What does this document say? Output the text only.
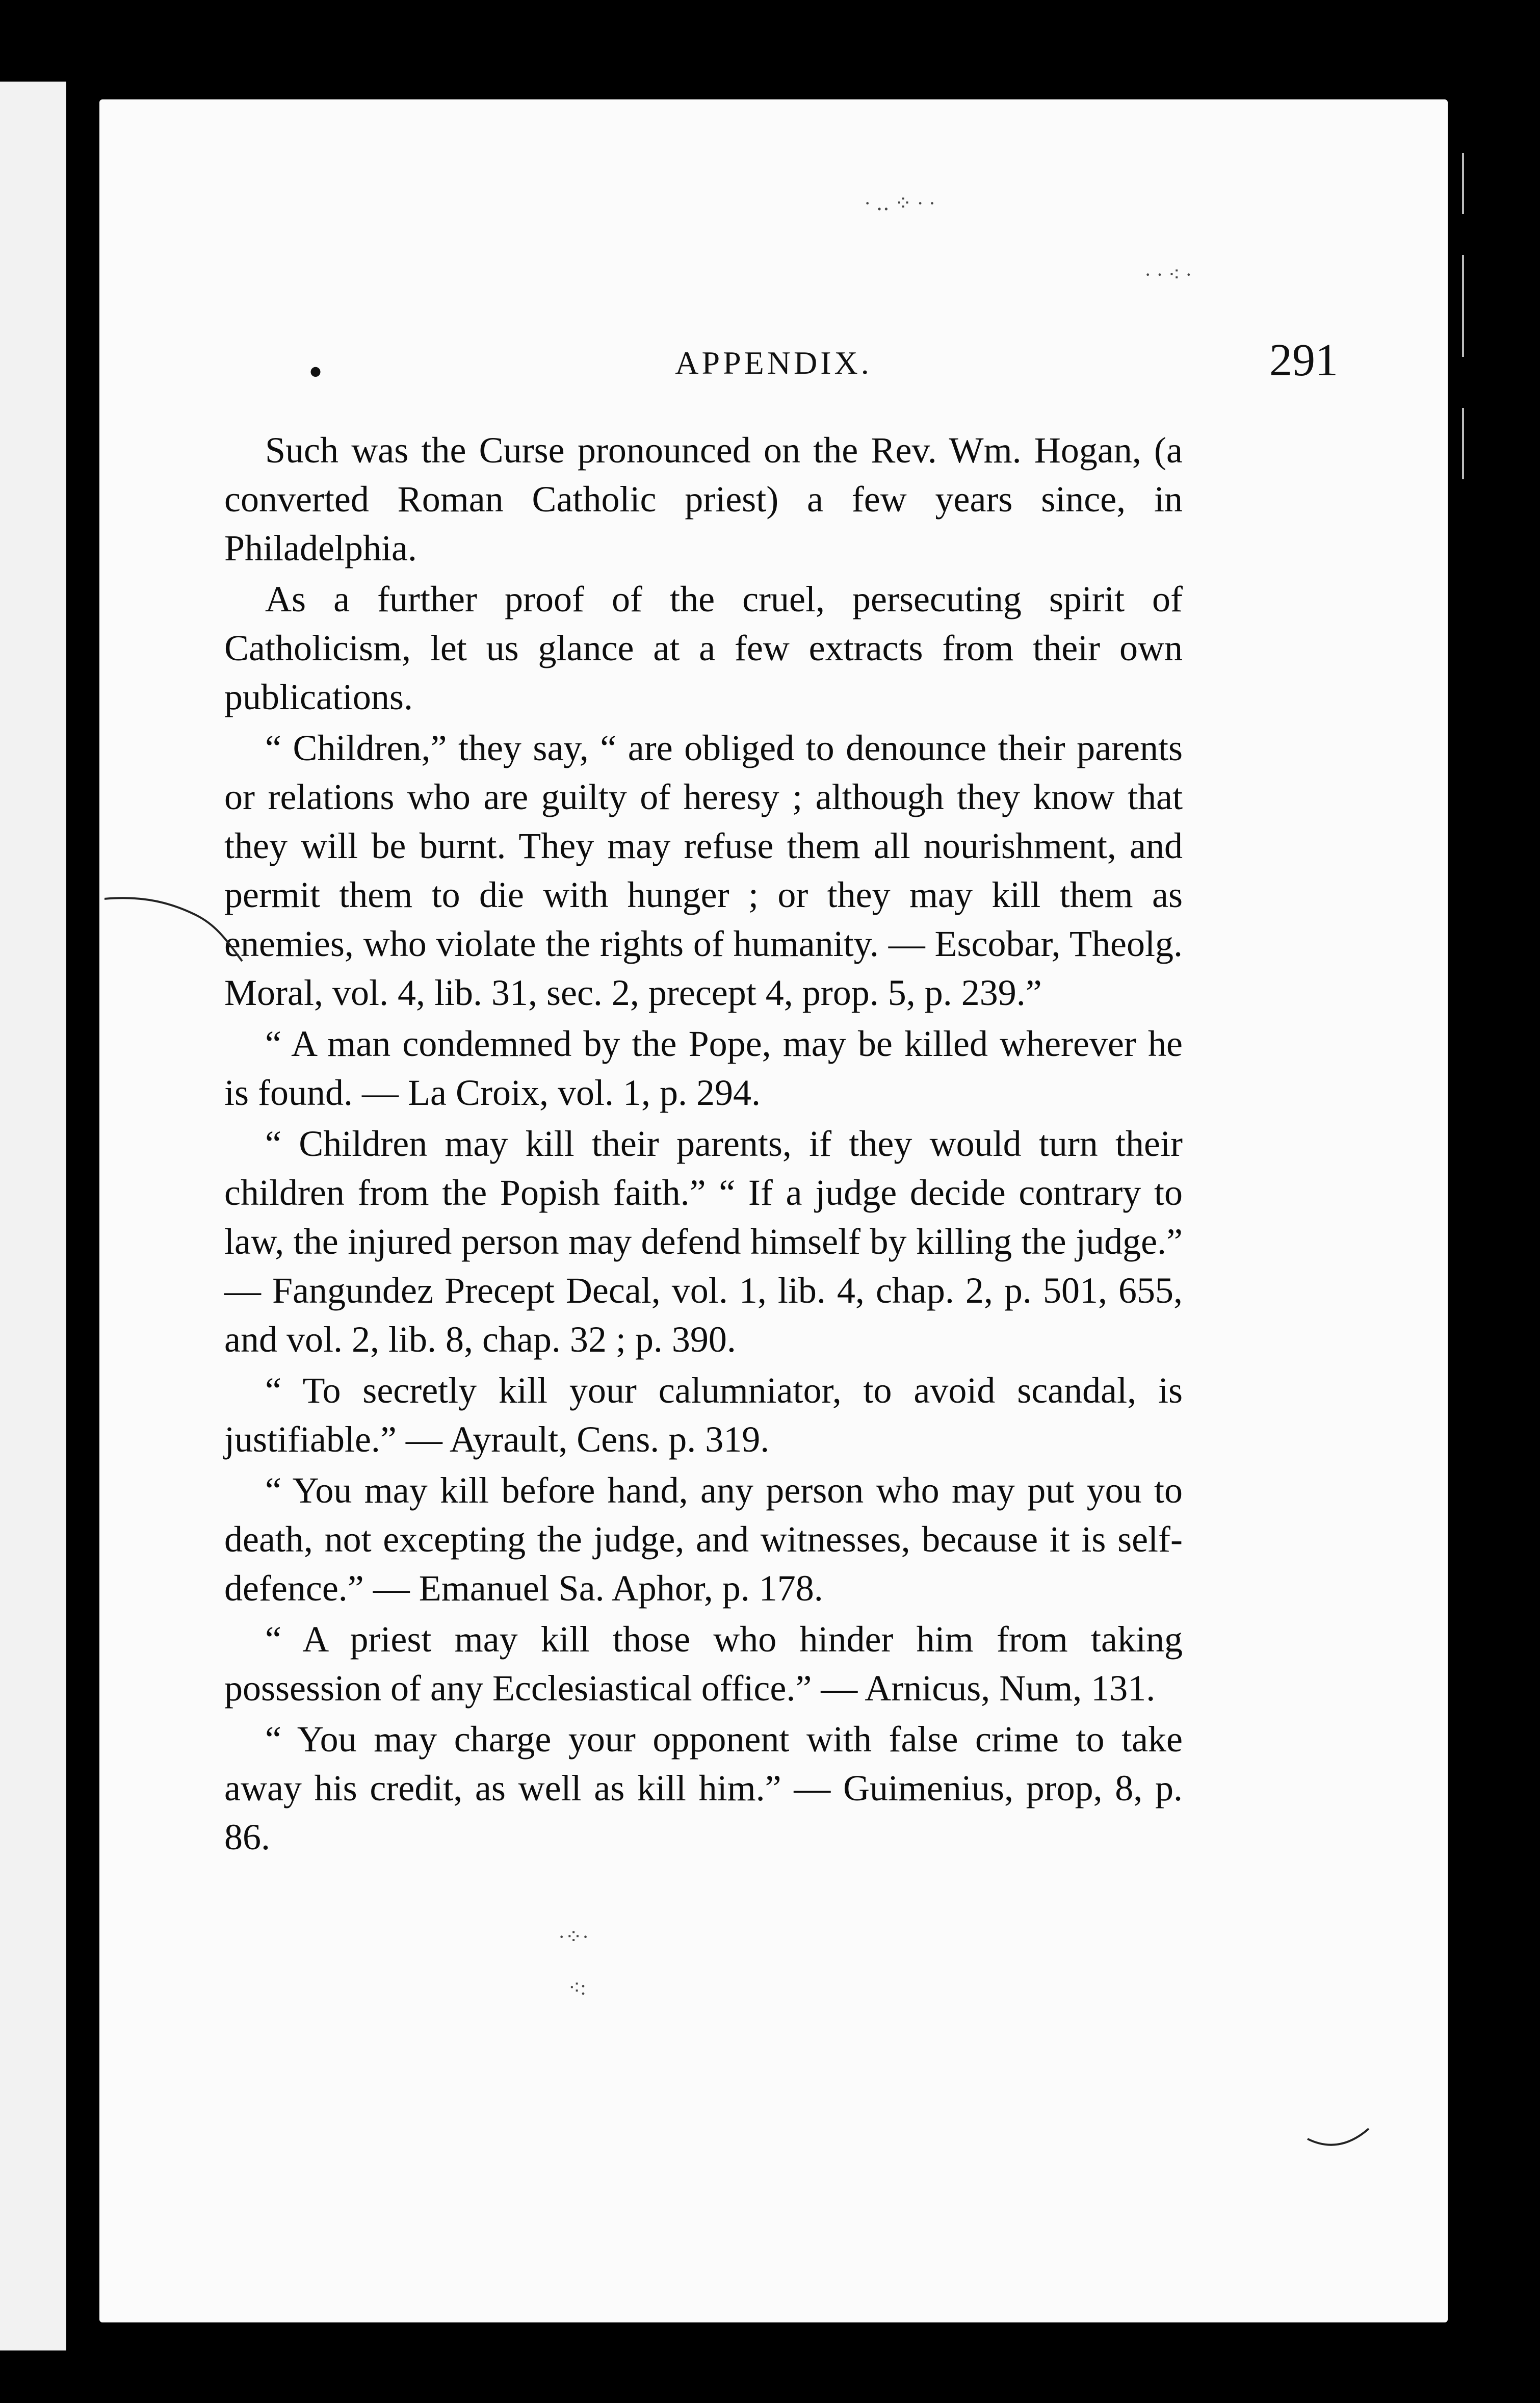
•	APPENDIX.	291

Such was the Curse pronounced on the Rev. Wm. Hogan, (a converted Roman Catholic priest) a few years since, in Philadelphia.

As a further proof of the cruel, persecuting spirit of Catholicism, let us glance at a few extracts from their own publications.

“ Children,” they say, “ are obliged to denounce their parents or relations who are guilty of heresy ; although they know that they will be burnt. They may refuse them all nourishment, and permit them to die with hunger ; or they may kill them as enemies, who violate the rights of humanity. — Escobar, Theolg. Moral, vol. 4, lib. 31, sec. 2, precept 4, prop. 5, p. 239.”

“ A man condemned by the Pope, may be killed wherever he is found. — La Croix, vol. 1, p. 294.

“ Children may kill their parents, if they would turn their children from the Popish faith.” “ If a judge decide contrary to law, the injured person may defend himself by killing the judge.” — Fangundez Precept Decal, vol. 1, lib. 4, chap. 2, p. 501, 655, and vol. 2, lib. 8, chap. 32 ; p. 390.

“ To secretly kill your calumniator, to avoid scandal, is justifiable.” — Ayrault, Cens. p. 319.

“ You may kill before hand, any person who may put you to death, not excepting the judge, and witnesses, because it is self-defence.” — Emanuel Sa. Aphor, p. 178.

“ A priest may kill those who hinder him from taking possession of any Ecclesiastical office.” — Arnicus, Num, 131.

“ You may charge your opponent with false crime to take away his credit, as well as kill him.” — Guimenius, prop, 8, p. 86.

· ‥ ⁘ · ·
· · ⁖ ·
·⁘·
⁖:
